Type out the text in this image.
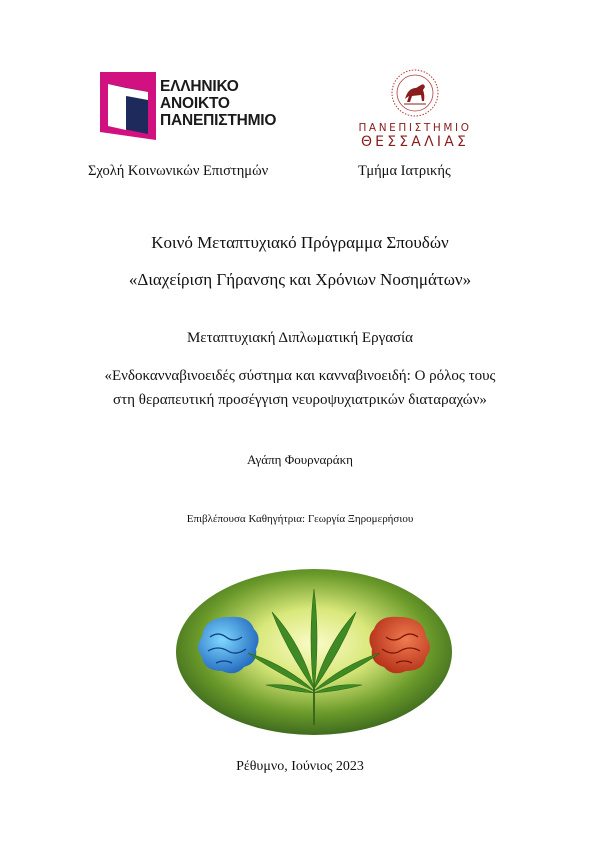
ΕΛΛΗΝΙΚΟ
ΑΝΟΙΚΤΟ
ΠΑΝΕΠΙΣΤΗΜΙΟ	ΠΑΝΕΠΙΣΤΗΜΙΟ
ΘΕΣΣΑΛΙΑΣ
Σχολή Κοινωνικών Επιστημών	Τμήμα Ιατρικής
Κοινό Μεταπτυχιακό Πρόγραμμα Σπουδών
«Διαχείριση Γήρανσης και Χρόνιων Νοσημάτων»
Μεταπτυχιακή Διπλωματική Εργασία
«Ενδοκανναβινοειδές σύστημα και κανναβινοειδή: Ο ρόλος τους
στη θεραπευτική προσέγγιση νευροψυχιατρικών διαταραχών»
Αγάπη Φουρναράκη
Επιβλέπουσα Καθηγήτρια: Γεωργία Ξηρομερήσιου
Ρέθυμνο, Ιούνιος 2023
